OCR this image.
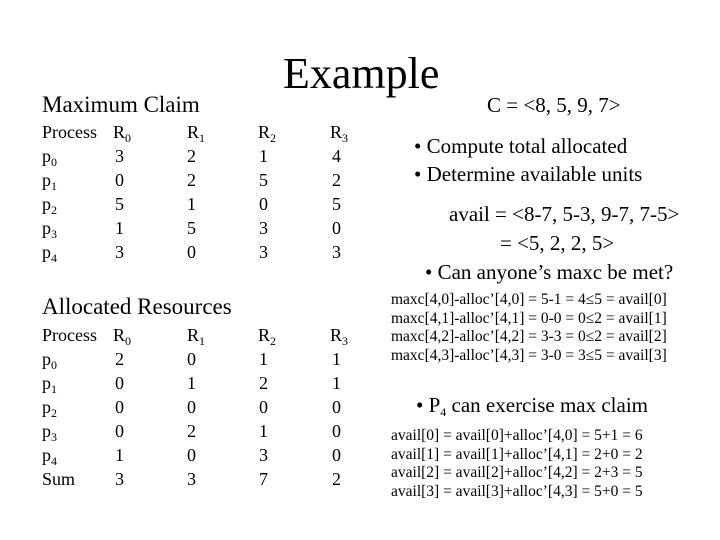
Example
C = <8, 5, 9, 7>
Maximum Claim
Process $R_0$	$R_1$	$R_2$	$R_3$
$p_0$	3	2	1	4
$p_1$	0	2	5	2
$p_2$	5	1	0	5
$p_3$	1	5	3	0
$p_4$	3	0	3	3
Allocated Resources
Process $R_0$	$R_1$	$R_2$	$R_3$
$p_0$	2	0	1	1
$p_1$	0	1	2	1
$p_2$	0	0	0	0
$p_3$	0	2	1	0
$p_4$	1	0	3	0
Sum 3	3	7	2
• Compute total allocated
• Determine available units
avail = <8-7, 5-3, 9-7, 7-5>
= <5, 2, 2, 5>
• Can anyone’s maxc be met?
maxc[4,0]-alloc’[4,0] = 5-1 = 4≤5 = avail[0]
maxc[4,1]-alloc’[4,1] = 0-0 = 0≤2 = avail[1]
maxc[4,2]-alloc’[4,2] = 3-3 = 0≤2 = avail[2]
maxc[4,3]-alloc’[4,3] = 3-0 = 3≤5 = avail[3]
• $P_4$ can exercise max claim
avail[0] = avail[0]+alloc’[4,0] = 5+1 = 6
avail[1] = avail[1]+alloc’[4,1] = 2+0 = 2
avail[2] = avail[2]+alloc’[4,2] = 2+3 = 5
avail[3] = avail[3]+alloc’[4,3] = 5+0 = 5
